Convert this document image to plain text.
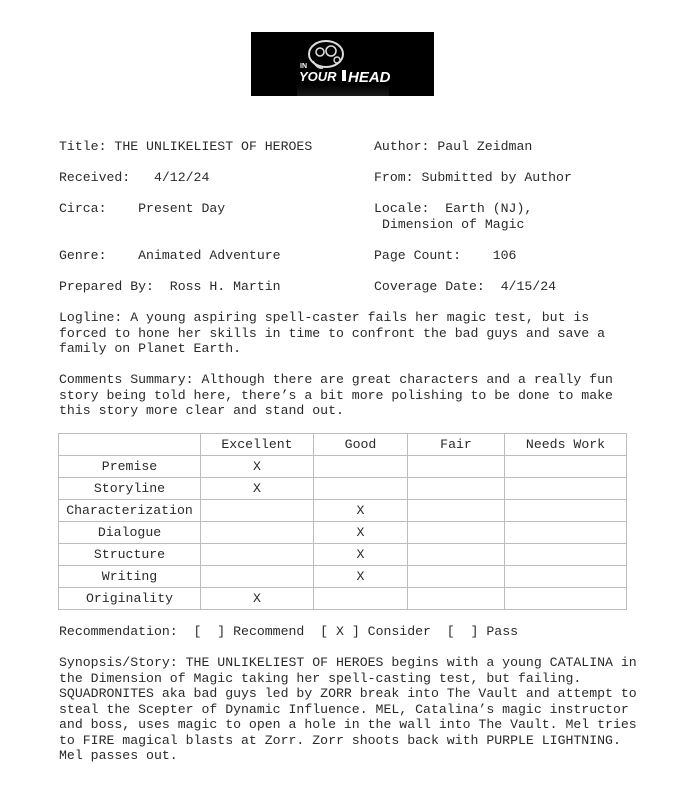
IN
YOUR HEAD
Title: THE UNLIKELIEST OF HEROES	Author: Paul Zeidman
Received: 4/12/24	From: Submitted by Author
Circa: Present Day	Locale: Earth (NJ),
Dimension of Magic
Genre: Animated Adventure	Page Count: 106
Prepared By: Ross H. Martin	Coverage Date: 4/15/24
Logline: A young aspiring spell-caster fails her magic test, but is forced to hone her skills in time to confront the bad guys and save a family on Planet Earth.
Comments Summary: Although there are great characters and a really fun story being told here, there’s a bit more polishing to be done to make this story more clear and stand out.
	Excellent	Good	Fair	Needs Work
Premise	X			
Storyline	X			
Characterization		X		
Dialogue		X		
Structure		X		
Writing		X		
Originality	X			
Recommendation: [  ] Recommend [ X ] Consider [  ] Pass
Synopsis/Story: THE UNLIKELIEST OF HEROES begins with a young CATALINA in the Dimension of Magic taking her spell-casting test, but failing. SQUADRONITES aka bad guys led by ZORR break into The Vault and attempt to steal the Scepter of Dynamic Influence. MEL, Catalina’s magic instructor and boss, uses magic to open a hole in the wall into The Vault. Mel tries to FIRE magical blasts at Zorr. Zorr shoots back with PURPLE LIGHTNING. Mel passes out.
